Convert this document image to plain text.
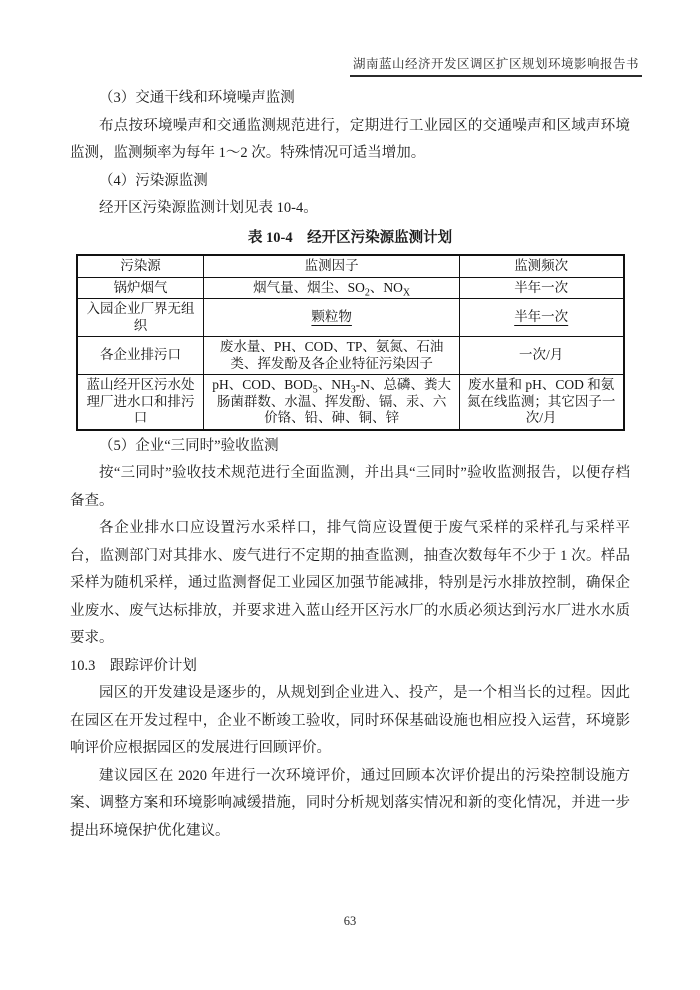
湖南蓝山经济开发区调区扩区规划环境影响报告书

（3）交通干线和环境噪声监测

布点按环境噪声和交通监测规范进行，定期进行工业园区的交通噪声和区域声环境监测，监测频率为每年 1～2 次。特殊情况可适当增加。

（4）污染源监测

经开区污染源监测计划见表 10-4。

表 10-4　经开区污染源监测计划

污染源	监测因子	监测频次
锅炉烟气	烟气量、烟尘、$SO_2$、$NO_X$	半年一次
入园企业厂界无组织	颗粒物	半年一次
各企业排污口	废水量、PH、COD、TP、氨氮、石油类、挥发酚及各企业特征污染因子	一次/月
蓝山经开区污水处理厂进水口和排污口	pH、COD、$BOD_5$、$NH_3-N$、总磷、粪大肠菌群数、水温、挥发酚、镉、汞、六价铬、铅、砷、铜、锌	废水量和 pH、COD 和氨氮在线监测；其它因子一次/月

（5）企业“三同时”验收监测

按“三同时”验收技术规范进行全面监测，并出具“三同时”验收监测报告，以便存档备查。

各企业排水口应设置污水采样口，排气筒应设置便于废气采样的采样孔与采样平台，监测部门对其排水、废气进行不定期的抽查监测，抽查次数每年不少于 1 次。样品采样为随机采样，通过监测督促工业园区加强节能减排，特别是污水排放控制，确保企业废水、废气达标排放，并要求进入蓝山经开区污水厂的水质必须达到污水厂进水水质要求。

10.3　跟踪评价计划

园区的开发建设是逐步的，从规划到企业进入、投产，是一个相当长的过程。因此在园区在开发过程中，企业不断竣工验收，同时环保基础设施也相应投入运营，环境影响评价应根据园区的发展进行回顾评价。

建议园区在 2020 年进行一次环境评价，通过回顾本次评价提出的污染控制设施方案、调整方案和环境影响减缓措施，同时分析规划落实情况和新的变化情况，并进一步提出环境保护优化建议。

63
